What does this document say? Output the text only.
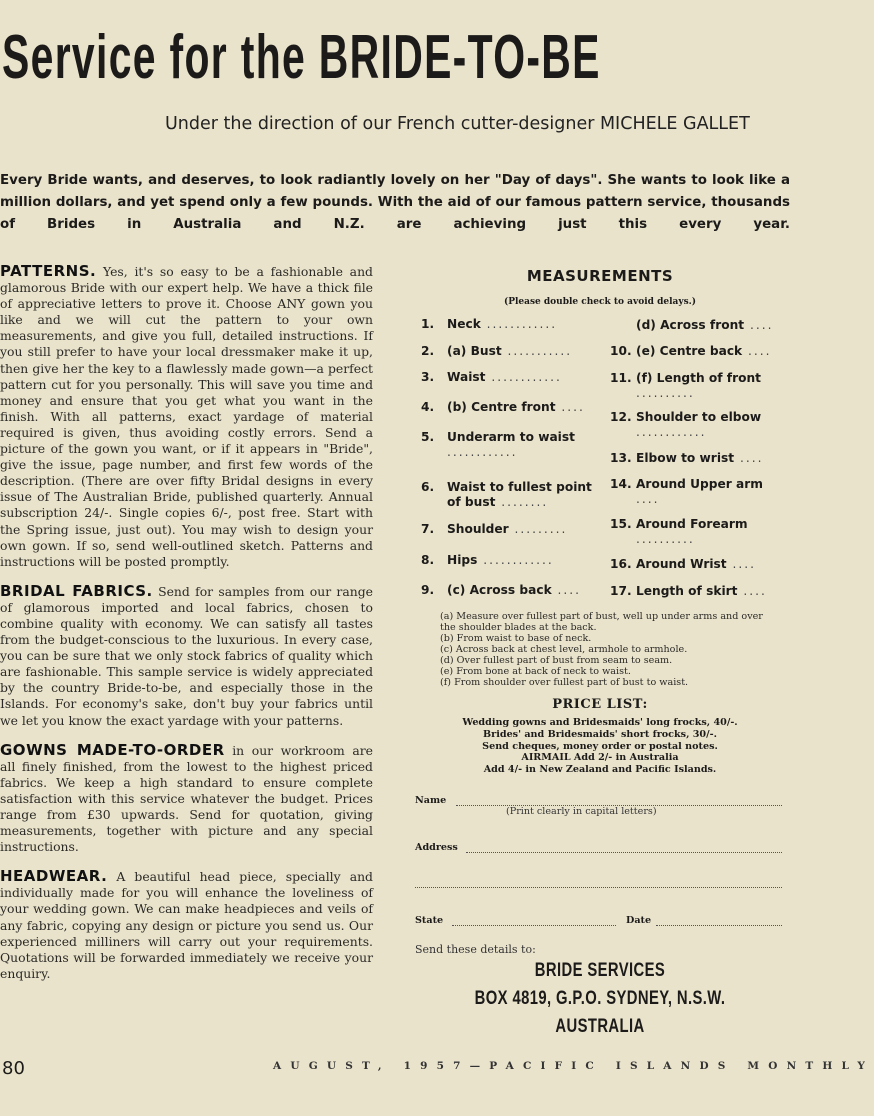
Service for the BRIDE-TO-BE
Under the direction of our French cutter-designer MICHELE GALLET

Every Bride wants, and deserves, to look radiantly lovely on her "Day of days". She wants to look like a million dollars, and yet spend only a few pounds. With the aid of our famous pattern service, thousands of Brides in Australia and N.Z. are achieving just this every year.

PATTERNS. Yes, it's so easy to be a fashionable and glamorous Bride with our expert help. We have a thick file of appreciative letters to prove it. Choose ANY gown you like and we will cut the pattern to your own measurements, and give you full, detailed instructions. If you still prefer to have your local dressmaker make it up, then give her the key to a flawlessly made gown—a perfect pattern cut for you personally. This will save you time and money and ensure that you get what you want in the finish. With all patterns, exact yardage of material required is given, thus avoiding costly errors. Send a picture of the gown you want, or if it appears in "Bride", give the issue, page number, and first few words of the description. (There are over fifty Bridal designs in every issue of The Australian Bride, published quarterly. Annual subscription 24/-. Single copies 6/-, post free. Start with the Spring issue, just out). You may wish to design your own gown. If so, send well-outlined sketch. Patterns and instructions will be posted promptly.

BRIDAL FABRICS. Send for samples from our range of glamorous imported and local fabrics, chosen to combine quality with economy. We can satisfy all tastes from the budget-conscious to the luxurious. In every case, you can be sure that we only stock fabrics of quality which are fashionable. This sample service is widely appreciated by the country Bride-to-be, and especially those in the Islands. For economy's sake, don't buy your fabrics until we let you know the exact yardage with your patterns.

GOWNS MADE-TO-ORDER in our workroom are all finely finished, from the lowest to the highest priced fabrics. We keep a high standard to ensure complete satisfaction with this service whatever the budget. Prices range from £30 upwards. Send for quotation, giving measurements, together with picture and any special instructions.

HEADWEAR. A beautiful head piece, specially and individually made for you will enhance the loveliness of your wedding gown. We can make headpieces and veils of any fabric, copying any design or picture you send us. Our experienced milliners will carry out your requirements. Quotations will be forwarded immediately we receive your enquiry.

MEASUREMENTS
(Please double check to avoid delays.)
1.	Neck ............
2.	(a) Bust ...........
3.	Waist ............
4.	(b) Centre front ....
5.	Underarm to waist ............
6.	Waist to fullest point of bust ........
7.	Shoulder .........
8.	Hips ............
9.	(c) Across back ....
(d) Across front ....
10. (e) Centre back ....
11. (f) Length of front ..........
12. Shoulder to elbow ............
13. Elbow to wrist ....
14. Around Upper arm ....
15. Around Forearm ..........
16. Around Wrist ....
17. Length of skirt ....

(a) Measure over fullest part of bust, well up under arms and over the shoulder blades at the back.

(b) From waist to base of neck.

(c) Across back at chest level, armhole to armhole.

(d) Over fullest part of bust from seam to seam.

(e) From bone at back of neck to waist.

(f) From shoulder over fullest part of bust to waist.

PRICE LIST:

Wedding gowns and Bridesmaids' long frocks, 40/-.

Brides' and Bridesmaids' short frocks, 30/-.

Send cheques, money order or postal notes.

AIRMAIL Add 2/- in Australia

Add 4/- in New Zealand and Pacific Islands.

Name
(Print clearly in capital letters)
Address
State	Date
Send these details to:
BRIDE SERVICES
BOX 4819, G.P.O. SYDNEY, N.S.W.
AUSTRALIA
80	AUGUST, 1957—PACIFIC ISLANDS MONTHLY
